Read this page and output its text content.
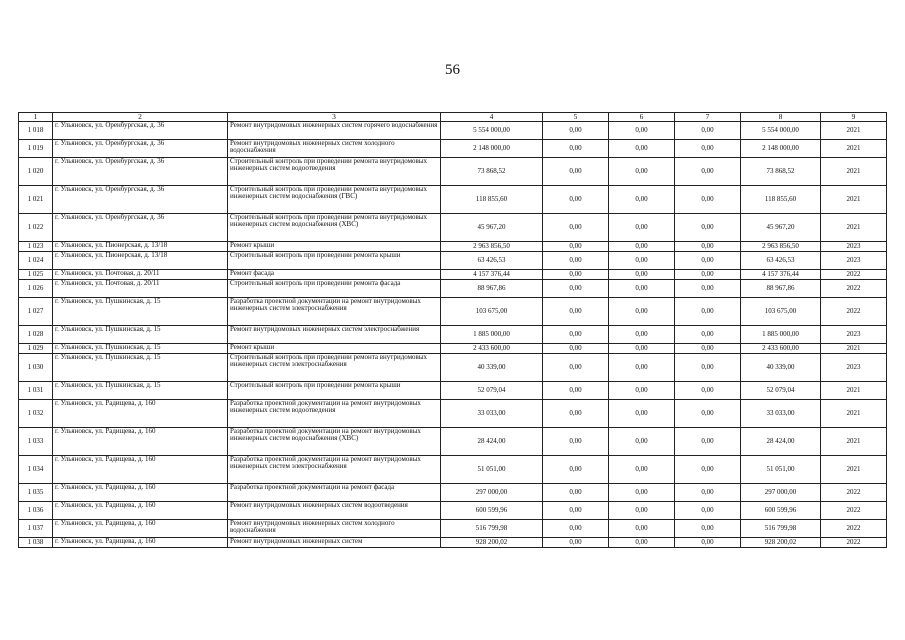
56
1	2	3	4	5	6	7	8	9
1 018	г. Ульяновск, ул. Оренбургская, д. 36	Ремонт внутридомовых инженерных систем горячего водоснабжения	5 554 000,00	0,00	0,00	0,00	5 554 000,00	2021
1 019	г. Ульяновск, ул. Оренбургская, д. 36	Ремонт внутридомовых инженерных систем холодного водоснабжения	2 148 000,00	0,00	0,00	0,00	2 148 000,00	2021
1 020	г. Ульяновск, ул. Оренбургская, д. 36	Строительный контроль при проведении ремонта внутридомовых инженерных систем водоотведения	73 868,52	0,00	0,00	0,00	73 868,52	2021
1 021	г. Ульяновск, ул. Оренбургская, д. 36	Строительный контроль при проведении ремонта внутридомовых инженерных систем водоснабжения (ГВС)	118 855,60	0,00	0,00	0,00	118 855,60	2021
1 022	г. Ульяновск, ул. Оренбургская, д. 36	Строительный контроль при проведении ремонта внутридомовых инженерных систем водоснабжения (ХВС)	45 967,20	0,00	0,00	0,00	45 967,20	2021
1 023	г. Ульяновск, ул. Пионерская, д. 13/18	Ремонт крыши	2 963 856,50	0,00	0,00	0,00	2 963 856,50	2023
1 024	г. Ульяновск, ул. Пионерская, д. 13/18	Строительный контроль при проведении ремонта крыши	63 426,53	0,00	0,00	0,00	63 426,53	2023
1 025	г. Ульяновск, ул. Почтовая, д. 20/11	Ремонт фасада	4 157 376,44	0,00	0,00	0,00	4 157 376,44	2022
1 026	г. Ульяновск, ул. Почтовая, д. 20/11	Строительный контроль при проведении ремонта фасада	88 967,86	0,00	0,00	0,00	88 967,86	2022
1 027	г. Ульяновск, ул. Пушкинская, д. 15	Разработка проектной документации на ремонт внутридомовых инженерных систем электроснабжения	103 675,00	0,00	0,00	0,00	103 675,00	2022
1 028	г. Ульяновск, ул. Пушкинская, д. 15	Ремонт внутридомовых инженерных систем электроснабжения	1 885 000,00	0,00	0,00	0,00	1 885 000,00	2023
1 029	г. Ульяновск, ул. Пушкинская, д. 15	Ремонт крыши	2 433 600,00	0,00	0,00	0,00	2 433 600,00	2021
1 030	г. Ульяновск, ул. Пушкинская, д. 15	Строительный контроль при проведении ремонта внутридомовых инженерных систем электроснабжения	40 339,00	0,00	0,00	0,00	40 339,00	2023
1 031	г. Ульяновск, ул. Пушкинская, д. 15	Строительный контроль при проведении ремонта крыши	52 079,04	0,00	0,00	0,00	52 079,04	2021
1 032	г. Ульяновск, ул. Радищева, д. 160	Разработка проектной документации на ремонт внутридомовых инженерных систем водоотведения	33 033,00	0,00	0,00	0,00	33 033,00	2021
1 033	г. Ульяновск, ул. Радищева, д. 160	Разработка проектной документации на ремонт внутридомовых инженерных систем водоснабжения (ХВС)	28 424,00	0,00	0,00	0,00	28 424,00	2021
1 034	г. Ульяновск, ул. Радищева, д. 160	Разработка проектной документации на ремонт внутридомовых инженерных систем электроснабжения	51 051,00	0,00	0,00	0,00	51 051,00	2021
1 035	г. Ульяновск, ул. Радищева, д. 160	Разработка проектной документации на ремонт фасада	297 000,00	0,00	0,00	0,00	297 000,00	2022
1 036	г. Ульяновск, ул. Радищева, д. 160	Ремонт внутридомовых инженерных систем водоотведения	600 599,96	0,00	0,00	0,00	600 599,96	2022
1 037	г. Ульяновск, ул. Радищева, д. 160	Ремонт внутридомовых инженерных систем холодного водоснабжения	516 799,98	0,00	0,00	0,00	516 799,98	2022
1 038	г. Ульяновск, ул. Радищева, д. 160	Ремонт внутридомовых инженерных систем	928 200,02	0,00	0,00	0,00	928 200,02	2022
